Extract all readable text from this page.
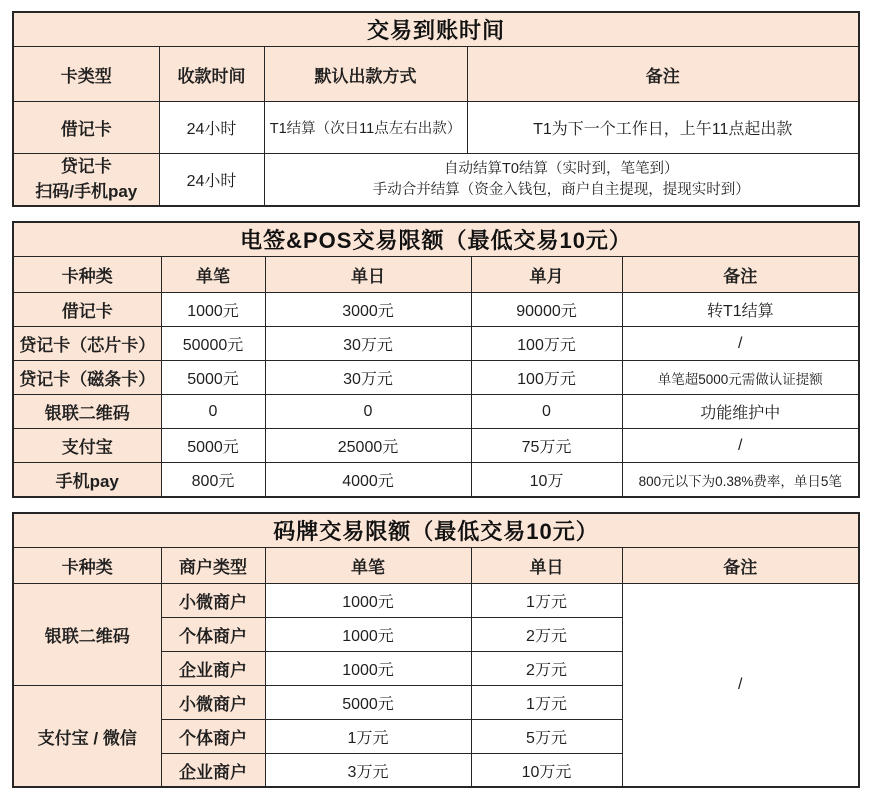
交易到账时间			
卡类型	收款时间	默认出款方式	备注
借记卡	24小时	T1结算（次日11点左右出款）	T1为下一个工作日，上午11点起出款

贷记卡
扫码/手机pay	24小时	
自动结算T0结算（实时到，笔笔到）
手动合并结算（资金入钱包，商户自主提现，提现实时到）
电签&POS交易限额（最低交易10元）				
卡种类	单笔	单日	单月	备注
借记卡	1000元	3000元	90000元	转T1结算
贷记卡（芯片卡）	50000元	30万元	100万元	/
贷记卡（磁条卡）	5000元	30万元	100万元	单笔超5000元需做认证提额
银联二维码	0	0	0	功能维护中
支付宝	5000元	25000元	75万元	/
手机pay	800元	4000元	10万	800元以下为0.38%费率，单日5笔
码牌交易限额（最低交易10元）				
卡种类	商户类型	单笔	单日	备注
银联二维码	小微商户	1000元	1万元	/
	个体商户	1000元	2万元	
	企业商户	1000元	2万元	
支付宝 / 微信	小微商户	5000元	1万元	
	个体商户	1万元	5万元	
	企业商户	3万元	10万元	
